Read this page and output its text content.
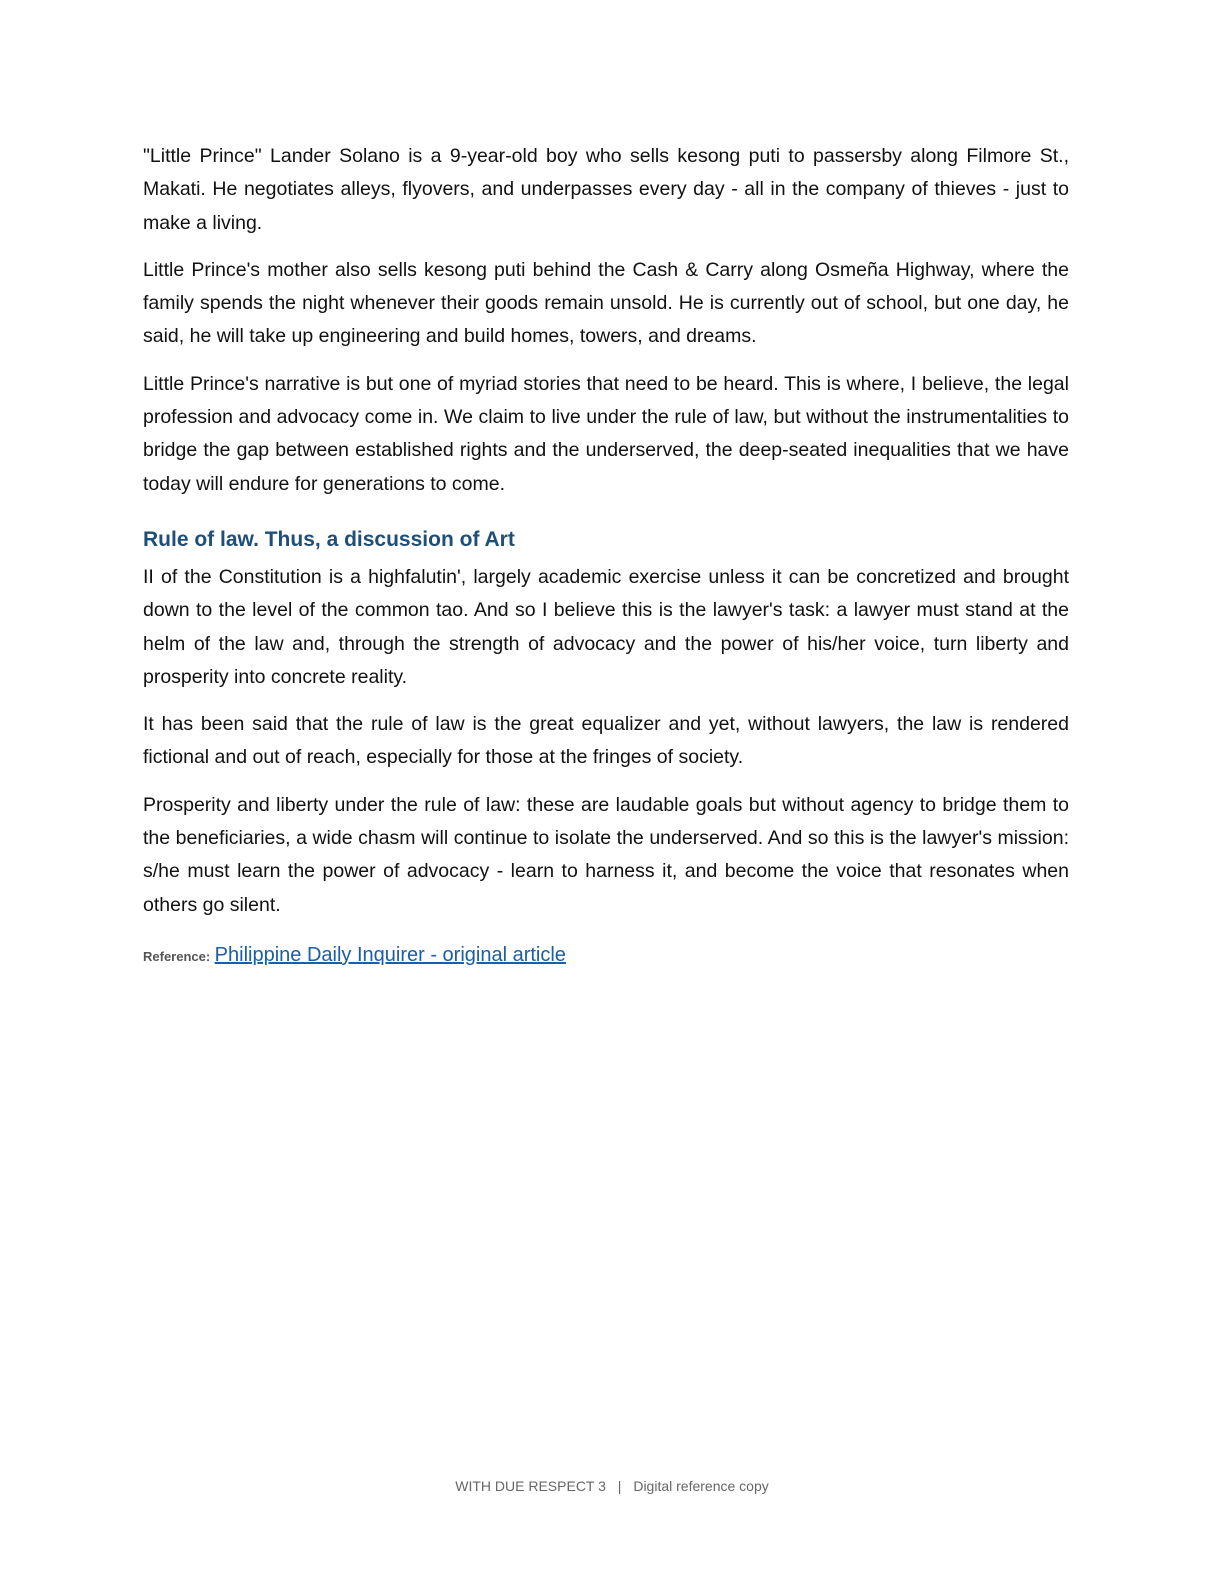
"Little Prince" Lander Solano is a 9-year-old boy who sells kesong puti to passersby along Filmore St., Makati. He negotiates alleys, flyovers, and underpasses every day - all in the company of thieves - just to make a living.

Little Prince's mother also sells kesong puti behind the Cash & Carry along Osmeña Highway, where the family spends the night whenever their goods remain unsold. He is currently out of school, but one day, he said, he will take up engineering and build homes, towers, and dreams.

Little Prince's narrative is but one of myriad stories that need to be heard. This is where, I believe, the legal profession and advocacy come in. We claim to live under the rule of law, but without the instrumentalities to bridge the gap between established rights and the underserved, the deep-seated inequalities that we have today will endure for generations to come.

Rule of law. Thus, a discussion of Art

II of the Constitution is a highfalutin', largely academic exercise unless it can be concretized and brought down to the level of the common tao. And so I believe this is the lawyer's task: a lawyer must stand at the helm of the law and, through the strength of advocacy and the power of his/her voice, turn liberty and prosperity into concrete reality.

It has been said that the rule of law is the great equalizer and yet, without lawyers, the law is rendered fictional and out of reach, especially for those at the fringes of society.

Prosperity and liberty under the rule of law: these are laudable goals but without agency to bridge them to the beneficiaries, a wide chasm will continue to isolate the underserved. And so this is the lawyer's mission: s/he must learn the power of advocacy - learn to harness it, and become the voice that resonates when others go silent.

Reference: Philippine Daily Inquirer - original article
WITH DUE RESPECT 3 | Digital reference copy
